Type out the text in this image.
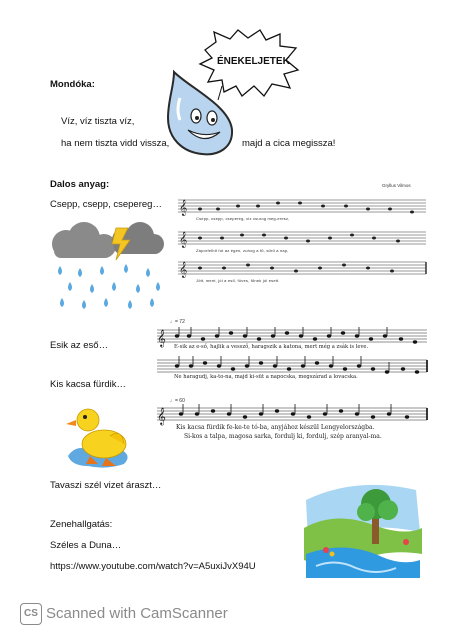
ÉNEKELJETEK
Mondóka:
Víz, víz tiszta víz,
ha nem tiszta vidd vissza,	majd a cica megissza!
Dalos anyag:
Csepp, csepp, csepereg…
Gryllus Vilmos
𝄞
𝄞
𝄞
Csepp, csepp, csepereg, viz csurog meg-eresz,
Záporfelhő fut az égen, zuhog a fű, sűrű a nap,
Jött, ment, jól a eső, füves, fűnek jól esett.
♩= 72
Esik az eső…	𝄞 E-sik az e-ső, hajlik a vessző, haragszik a katona, mert még a zsák is leve.
Ne haragudj, ka-to-na, majd ki-süt a napocska, megszárad a lovacska.
Kis kacsa fürdik…
♩= 60
𝄞
Kis kacsa fürdik fe-ke-te tó-ba, anyjához készül Lengyelországba.
Si-kos a talpa, magosa sarka, fordulj ki, fordulj, szép aranyal-ma.
Tavaszi szél vizet áraszt…
Zenehallgatás:
Széles a Duna…
https://www.youtube.com/watch?v=A5uxiJvX94U
CS Scanned with CamScanner
